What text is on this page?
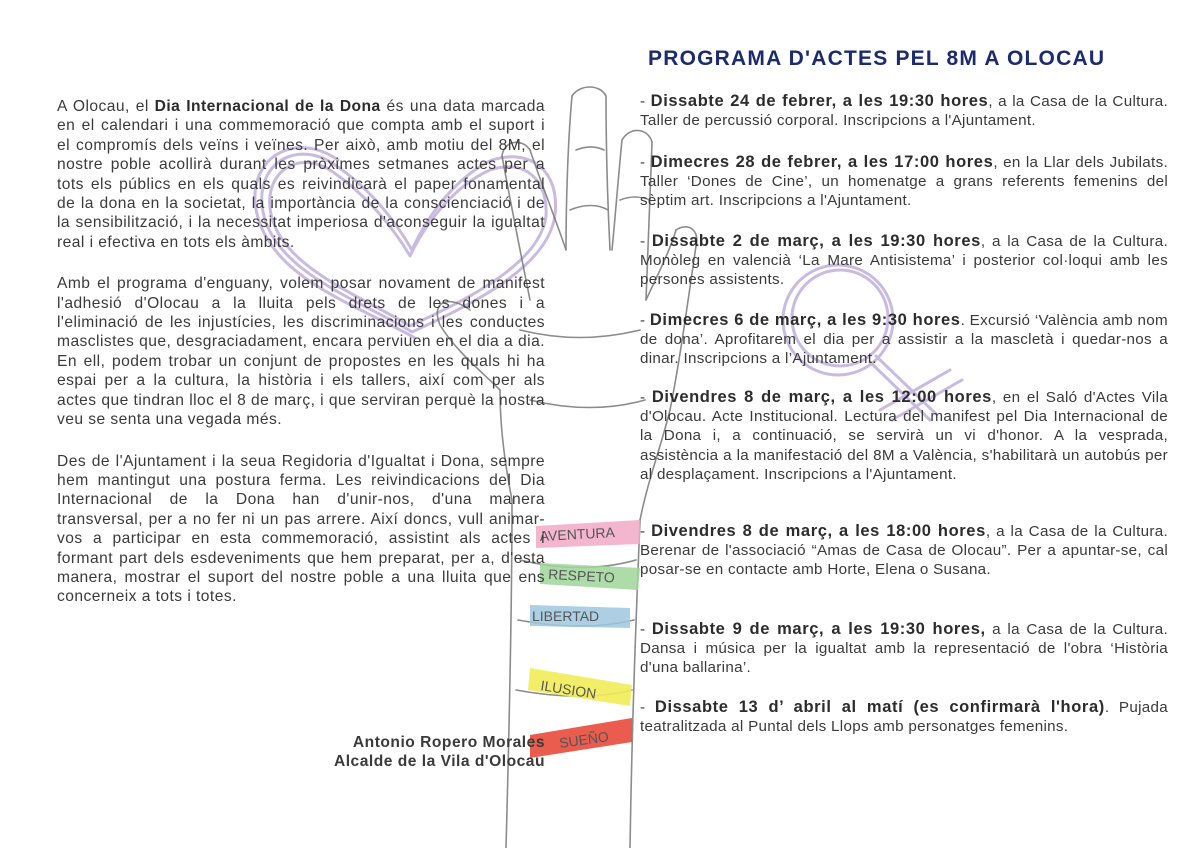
AVENTURA
RESPETO
LIBERTAD
ILUSION
SUEÑO

A Olocau, el Dia Internacional de la Dona és una data marcada en el calendari i una commemoració que compta amb el suport i el compromís dels veïns i veïnes. Per això, amb motiu del 8M, el nostre poble acollirà durant les pròximes setmanes actes per a tots els públics en els quals es reivindicarà el paper fonamental de la dona en la societat, la importància de la conscienciació i de la sensibilització, i la necessitat imperiosa d'aconseguir la igualtat real i efectiva en tots els àmbits.

Amb el programa d'enguany, volem posar novament de manifest l'adhesió d'Olocau a la lluita pels drets de les dones i a l'eliminació de les injustícies, les discriminacions i les conductes masclistes que, desgraciadament, encara perviuen en el dia a dia. En ell, podem trobar un conjunt de propostes en les quals hi ha espai per a la cultura, la història i els tallers, així com per als actes que tindran lloc el 8 de març, i que serviran perquè la nostra veu se senta una vegada més.

Des de l'Ajuntament i la seua Regidoria d'Igualtat i Dona, sempre hem mantingut una postura ferma. Les reivindicacions del Dia Internacional de la Dona han d'unir-nos, d'una manera transversal, per a no fer ni un pas arrere. Així doncs, vull animar-vos a participar en esta commemoració, assistint als actes i formant part dels esdeveniments que hem preparat, per a, d'esta manera, mostrar el suport del nostre poble a una lluita que ens concerneix a tots i totes.

Antonio Ropero Morales
Alcalde de la Vila d'Olocau
PROGRAMA D'ACTES PEL 8M A OLOCAU
- Dissabte 24 de febrer, a les 19:30 hores, a la Casa de la Cultura. Taller de percussió corporal. Inscripcions a l'Ajuntament.
- Dimecres 28 de febrer, a les 17:00 hores, en la Llar dels Jubilats. Taller ‘Dones de Cine’, un homenatge a grans referents femenins del sèptim art. Inscripcions a l'Ajuntament.
- Dissabte 2 de març, a les 19:30 hores, a la Casa de la Cultura. Monòleg en valencià ‘La Mare Antisistema’ i posterior col·loqui amb les persones assistents.
- Dimecres 6 de març, a les 9:30 hores. Excursió ‘València amb nom de dona’. Aprofitarem el dia per a assistir a la mascletà i quedar-nos a dinar. Inscripcions a l’Ajuntament.
- Divendres 8 de març, a les 12:00 hores, en el Saló d'Actes Vila d'Olocau. Acte Institucional. Lectura del manifest pel Dia Internacional de la Dona i, a continuació, se servirà un vi d'honor. A la vesprada, assistència a la manifestació del 8M a València, s'habilitarà un autobús per al desplaçament. Inscripcions a l'Ajuntament.
- Divendres 8 de març, a les 18:00 hores, a la Casa de la Cultura. Berenar de l'associació “Amas de Casa de Olocau”. Per a apuntar-se, cal posar-se en contacte amb Horte, Elena o Susana.
- Dissabte 9 de març, a les 19:30 hores, a la Casa de la Cultura. Dansa i música per la igualtat amb la representació de l'obra ‘Història d'una ballarina’.
- Dissabte 13 d’ abril al matí (es confirmarà l'hora). Pujada teatralitzada al Puntal dels Llops amb personatges femenins.
